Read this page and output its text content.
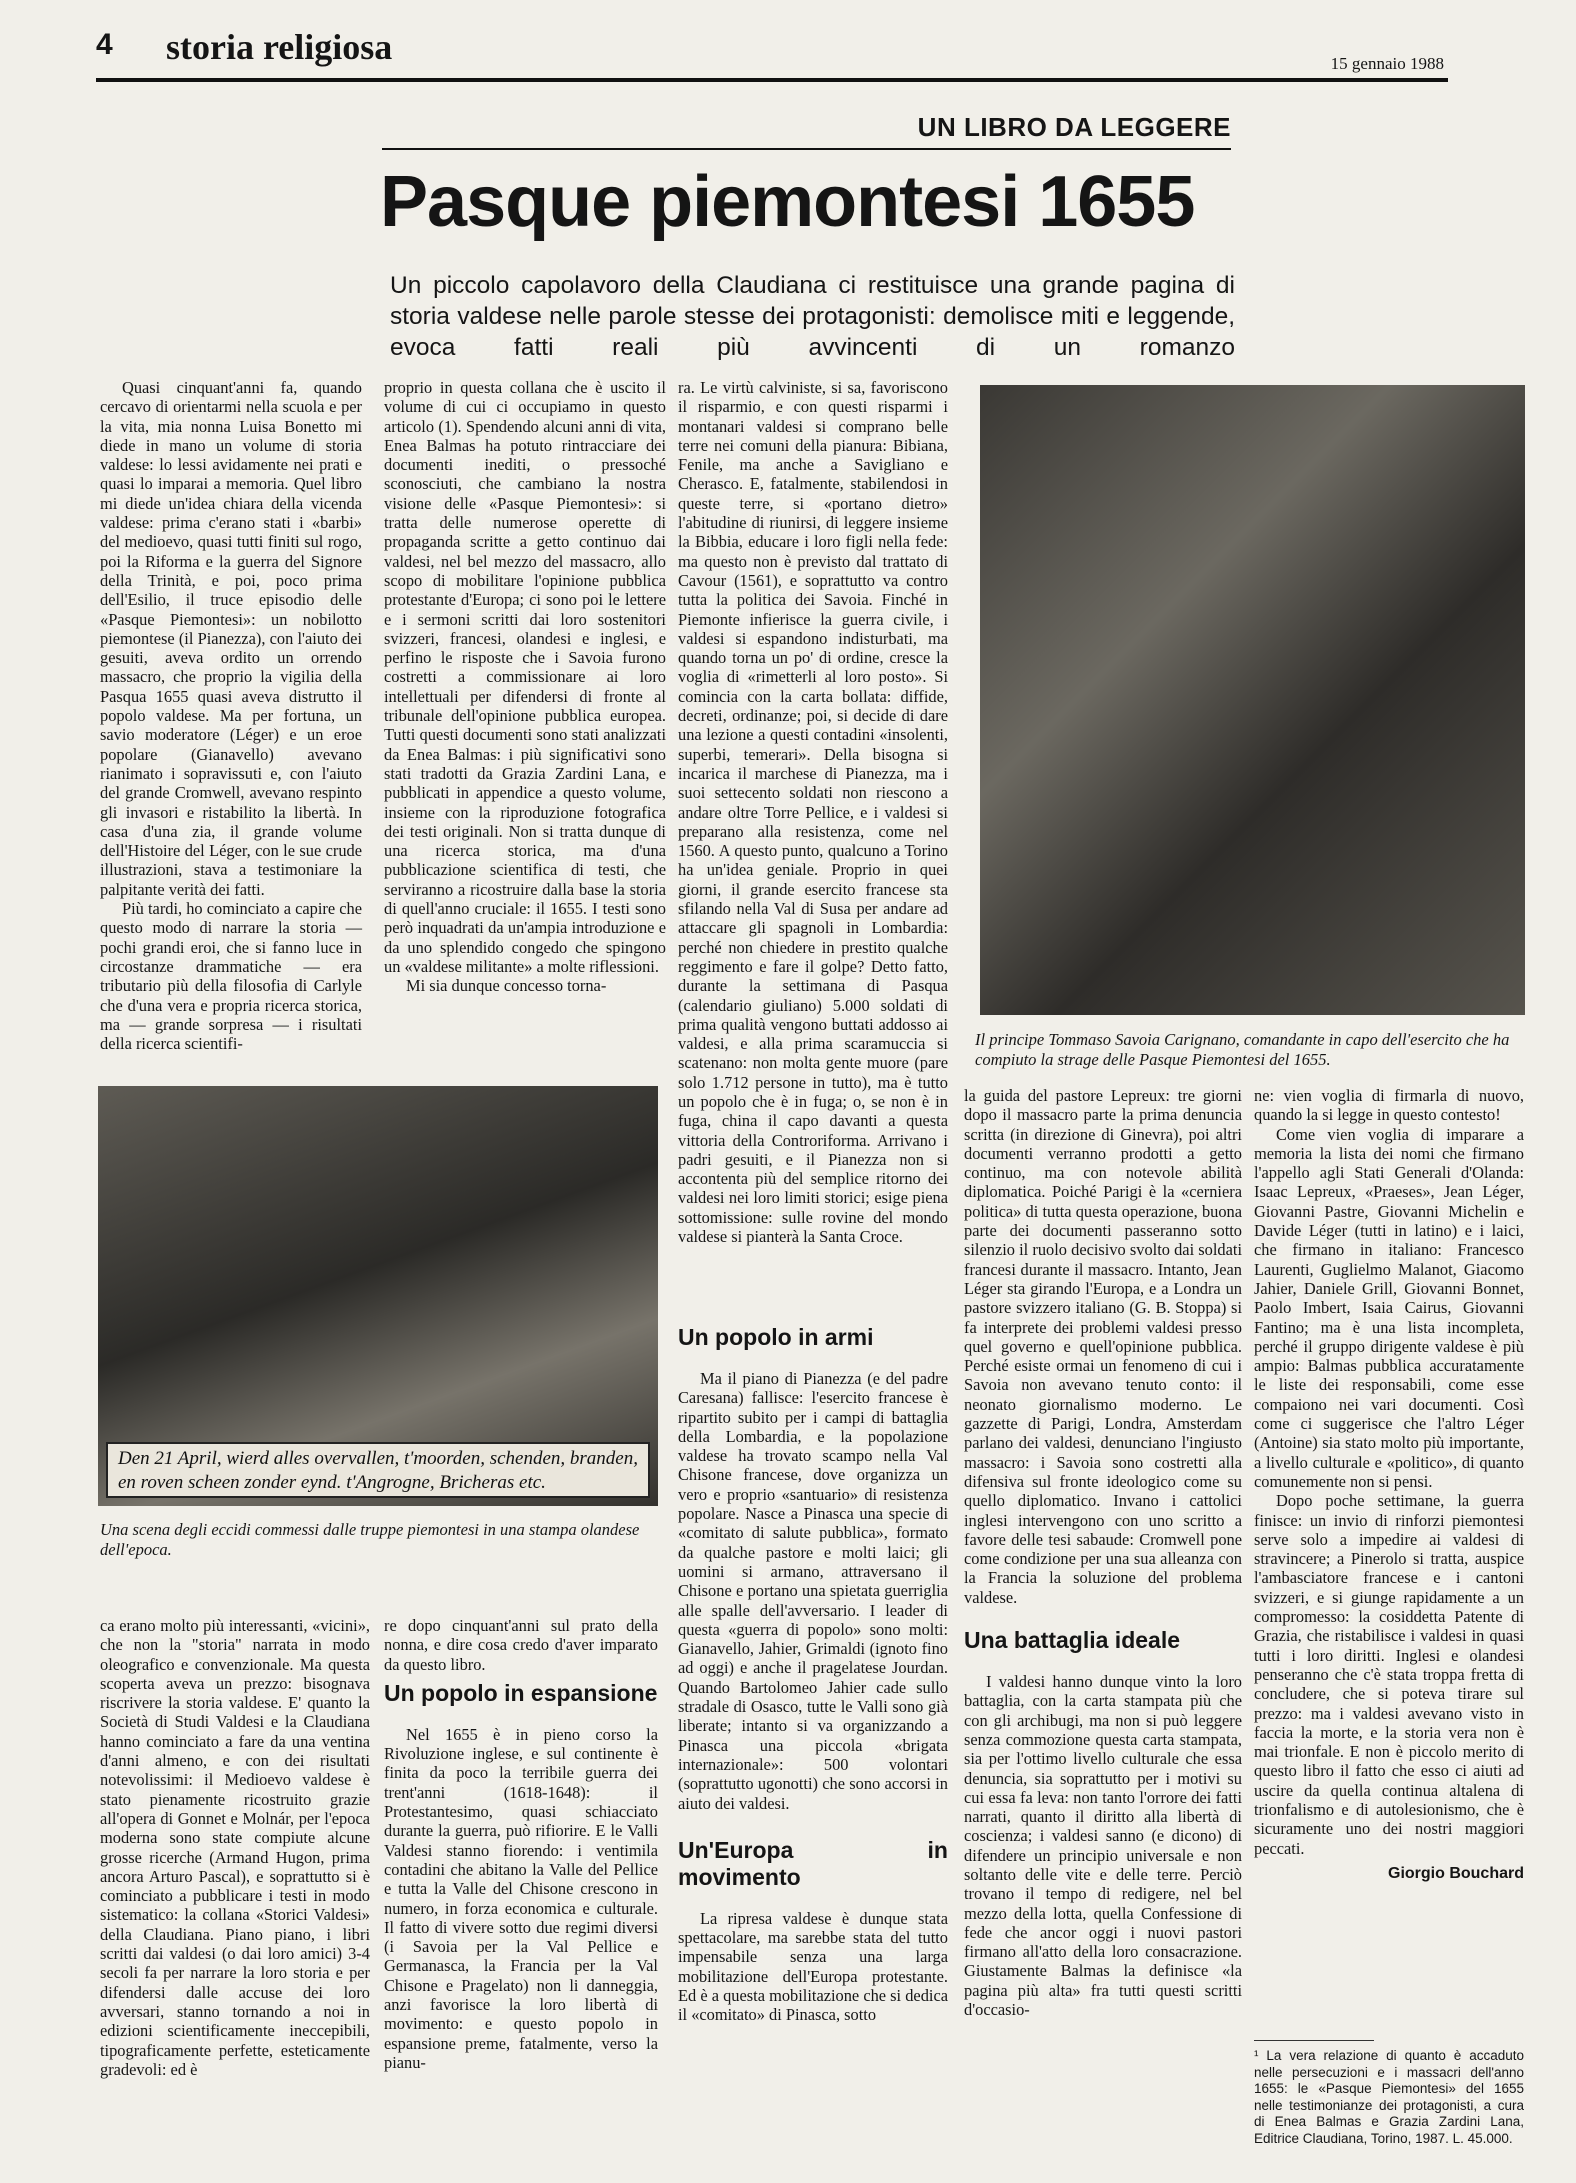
4 storia religiosa	15 gennaio 1988
UN LIBRO DA LEGGERE
Pasque piemontesi 1655
Un piccolo capolavoro della Claudiana ci restituisce una grande pagina di storia valdese nelle parole stesse dei protagonisti: demolisce miti e leggende, evoca fatti reali più avvincenti di un romanzo

Quasi cinquant'anni fa, quando cercavo di orientarmi nella scuola e per la vita, mia nonna Luisa Bonetto mi diede in mano un volume di storia valdese: lo lessi avidamente nei prati e quasi lo imparai a memoria. Quel libro mi diede un'idea chiara della vicenda valdese: prima c'erano stati i «barbi» del medioevo, quasi tutti finiti sul rogo, poi la Riforma e la guerra del Signore della Trinità, e poi, poco prima dell'Esilio, il truce episodio delle «Pasque Piemontesi»: un nobilotto piemontese (il Pianezza), con l'aiuto dei gesuiti, aveva ordito un orrendo massacro, che proprio la vigilia della Pasqua 1655 quasi aveva distrutto il popolo valdese. Ma per fortuna, un savio moderatore (Léger) e un eroe popolare (Gianavello) avevano rianimato i sopravissuti e, con l'aiuto del grande Cromwell, avevano respinto gli invasori e ristabilito la libertà. In casa d'una zia, il grande volume dell'Histoire del Léger, con le sue crude illustrazioni, stava a testimoniare la palpitante verità dei fatti.

Più tardi, ho cominciato a capire che questo modo di narrare la storia — pochi grandi eroi, che si fanno luce in circostanze drammatiche — era tributario più della filosofia di Carlyle che d'una vera e propria ricerca storica, ma — grande sorpresa — i risultati della ricerca scientifi-

proprio in questa collana che è uscito il volume di cui ci occupiamo in questo articolo (1). Spendendo alcuni anni di vita, Enea Balmas ha potuto rintracciare dei documenti inediti, o pressoché sconosciuti, che cambiano la nostra visione delle «Pasque Piemontesi»: si tratta delle numerose operette di propaganda scritte a getto continuo dai valdesi, nel bel mezzo del massacro, allo scopo di mobilitare l'opinione pubblica protestante d'Europa; ci sono poi le lettere e i sermoni scritti dai loro sostenitori svizzeri, francesi, olandesi e inglesi, e perfino le risposte che i Savoia furono costretti a commissionare ai loro intellettuali per difendersi di fronte al tribunale dell'opinione pubblica europea. Tutti questi documenti sono stati analizzati da Enea Balmas: i più significativi sono stati tradotti da Grazia Zardini Lana, e pubblicati in appendice a questo volume, insieme con la riproduzione fotografica dei testi originali. Non si tratta dunque di una ricerca storica, ma d'una pubblicazione scientifica di testi, che serviranno a ricostruire dalla base la storia di quell'anno cruciale: il 1655. I testi sono però inquadrati da un'ampia introduzione e da uno splendido congedo che spingono un «valdese militante» a molte riflessioni.

Mi sia dunque concesso torna-

ra. Le virtù calviniste, si sa, favoriscono il risparmio, e con questi risparmi i montanari valdesi si comprano belle terre nei comuni della pianura: Bibiana, Fenile, ma anche a Savigliano e Cherasco. E, fatalmente, stabilendosi in queste terre, si «portano dietro» l'abitudine di riunirsi, di leggere insieme la Bibbia, educare i loro figli nella fede: ma questo non è previsto dal trattato di Cavour (1561), e soprattutto va contro tutta la politica dei Savoia. Finché in Piemonte infierisce la guerra civile, i valdesi si espandono indisturbati, ma quando torna un po' di ordine, cresce la voglia di «rimetterli al loro posto». Si comincia con la carta bollata: diffide, decreti, ordinanze; poi, si decide di dare una lezione a questi contadini «insolenti, superbi, temerari». Della bisogna si incarica il marchese di Pianezza, ma i suoi settecento soldati non riescono a andare oltre Torre Pellice, e i valdesi si preparano alla resistenza, come nel 1560. A questo punto, qualcuno a Torino ha un'idea geniale. Proprio in quei giorni, il grande esercito francese sta sfilando nella Val di Susa per andare ad attaccare gli spagnoli in Lombardia: perché non chiedere in prestito qualche reggimento e fare il golpe? Detto fatto, durante la settimana di Pasqua (calendario giuliano) 5.000 soldati di prima qualità vengono buttati addosso ai valdesi, e alla prima scaramuccia si scatenano: non molta gente muore (pare solo 1.712 persone in tutto), ma è tutto un popolo che è in fuga; o, se non è in fuga, china il capo davanti a questa vittoria della Controriforma. Arrivano i padri gesuiti, e il Pianezza non si accontenta più del semplice ritorno dei valdesi nei loro limiti storici; esige piena sottomissione: sulle rovine del mondo valdese si pianterà la Santa Croce.

Il principe Tommaso Savoia Carignano, comandante in capo dell'esercito che ha compiuto la strage delle Pasque Piemontesi del 1655.
Den 21 April, wierd alles overvallen, t'moorden, schenden, branden, en roven scheen zonder eynd. t'Angrogne, Bricheras etc.
Una scena degli eccidi commessi dalle truppe piemontesi in una stampa olandese dell'epoca.

ca erano molto più interessanti, «vicini», che non la "storia" narrata in modo oleografico e convenzionale. Ma questa scoperta aveva un prezzo: bisognava riscrivere la storia valdese. E' quanto la Società di Studi Valdesi e la Claudiana hanno cominciato a fare da una ventina d'anni almeno, e con dei risultati notevolissimi: il Medioevo valdese è stato pienamente ricostruito grazie all'opera di Gonnet e Molnár, per l'epoca moderna sono state compiute alcune grosse ricerche (Armand Hugon, prima ancora Arturo Pascal), e soprattutto si è cominciato a pubblicare i testi in modo sistematico: la collana «Storici Valdesi» della Claudiana. Piano piano, i libri scritti dai valdesi (o dai loro amici) 3-4 secoli fa per narrare la loro storia e per difendersi dalle accuse dei loro avversari, stanno tornando a noi in edizioni scientificamente ineccepibili, tipograficamente perfette, esteticamente gradevoli: ed è

re dopo cinquant'anni sul prato della nonna, e dire cosa credo d'aver imparato da questo libro.

Un popolo in espansione

Nel 1655 è in pieno corso la Rivoluzione inglese, e sul continente è finita da poco la terribile guerra dei trent'anni (1618-1648): il Protestantesimo, quasi schiacciato durante la guerra, può rifiorire. E le Valli Valdesi stanno fiorendo: i ventimila contadini che abitano la Valle del Pellice e tutta la Valle del Chisone crescono in numero, in forza economica e culturale. Il fatto di vivere sotto due regimi diversi (i Savoia per la Val Pellice e Germanasca, la Francia per la Val Chisone e Pragelato) non li danneggia, anzi favorisce la loro libertà di movimento: e questo popolo in espansione preme, fatalmente, verso la pianu-

Un popolo in armi

Ma il piano di Pianezza (e del padre Caresana) fallisce: l'esercito francese è ripartito subito per i campi di battaglia della Lombardia, e la popolazione valdese ha trovato scampo nella Val Chisone francese, dove organizza un vero e proprio «santuario» di resistenza popolare. Nasce a Pinasca una specie di «comitato di salute pubblica», formato da qualche pastore e molti laici; gli uomini si armano, attraversano il Chisone e portano una spietata guerriglia alle spalle dell'avversario. I leader di questa «guerra di popolo» sono molti: Gianavello, Jahier, Grimaldi (ignoto fino ad oggi) e anche il pragelatese Jourdan. Quando Bartolomeo Jahier cade sullo stradale di Osasco, tutte le Valli sono già liberate; intanto si va organizzando a Pinasca una piccola «brigata internazionale»: 500 volontari (soprattutto ugonotti) che sono accorsi in aiuto dei valdesi.

Un'Europa in movimento

La ripresa valdese è dunque stata spettacolare, ma sarebbe stata del tutto impensabile senza una larga mobilitazione dell'Europa protestante. Ed è a questa mobilitazione che si dedica il «comitato» di Pinasca, sotto

la guida del pastore Lepreux: tre giorni dopo il massacro parte la prima denuncia scritta (in direzione di Ginevra), poi altri documenti verranno prodotti a getto continuo, ma con notevole abilità diplomatica. Poiché Parigi è la «cerniera politica» di tutta questa operazione, buona parte dei documenti passeranno sotto silenzio il ruolo decisivo svolto dai soldati francesi durante il massacro. Intanto, Jean Léger sta girando l'Europa, e a Londra un pastore svizzero italiano (G. B. Stoppa) si fa interprete dei problemi valdesi presso quel governo e quell'opinione pubblica. Perché esiste ormai un fenomeno di cui i Savoia non avevano tenuto conto: il neonato giornalismo moderno. Le gazzette di Parigi, Londra, Amsterdam parlano dei valdesi, denunciano l'ingiusto massacro: i Savoia sono costretti alla difensiva sul fronte ideologico come su quello diplomatico. Invano i cattolici inglesi intervengono con uno scritto a favore delle tesi sabaude: Cromwell pone come condizione per una sua alleanza con la Francia la soluzione del problema valdese.

Una battaglia ideale

I valdesi hanno dunque vinto la loro battaglia, con la carta stampata più che con gli archibugi, ma non si può leggere senza commozione questa carta stampata, sia per l'ottimo livello culturale che essa denuncia, sia soprattutto per i motivi su cui essa fa leva: non tanto l'orrore dei fatti narrati, quanto il diritto alla libertà di coscienza; i valdesi sanno (e dicono) di difendere un principio universale e non soltanto delle vite e delle terre. Perciò trovano il tempo di redigere, nel bel mezzo della lotta, quella Confessione di fede che ancor oggi i nuovi pastori firmano all'atto della loro consacrazione. Giustamente Balmas la definisce «la pagina più alta» fra tutti questi scritti d'occasio-

ne: vien voglia di firmarla di nuovo, quando la si legge in questo contesto!

Come vien voglia di imparare a memoria la lista dei nomi che firmano l'appello agli Stati Generali d'Olanda: Isaac Lepreux, «Praeses», Jean Léger, Giovanni Pastre, Giovanni Michelin e Davide Léger (tutti in latino) e i laici, che firmano in italiano: Francesco Laurenti, Guglielmo Malanot, Giacomo Jahier, Daniele Grill, Giovanni Bonnet, Paolo Imbert, Isaia Cairus, Giovanni Fantino; ma è una lista incompleta, perché il gruppo dirigente valdese è più ampio: Balmas pubblica accuratamente le liste dei responsabili, come esse compaiono nei vari documenti. Così come ci suggerisce che l'altro Léger (Antoine) sia stato molto più importante, a livello culturale e «politico», di quanto comunemente non si pensi.

Dopo poche settimane, la guerra finisce: un invio di rinforzi piemontesi serve solo a impedire ai valdesi di stravincere; a Pinerolo si tratta, auspice l'ambasciatore francese e i cantoni svizzeri, e si giunge rapidamente a un compromesso: la cosiddetta Patente di Grazia, che ristabilisce i valdesi in quasi tutti i loro diritti. Inglesi e olandesi penseranno che c'è stata troppa fretta di concludere, che si poteva tirare sul prezzo: ma i valdesi avevano visto in faccia la morte, e la storia vera non è mai trionfale. E non è piccolo merito di questo libro il fatto che esso ci aiuti ad uscire da quella continua altalena di trionfalismo e di autolesionismo, che è sicuramente uno dei nostri maggiori peccati.

Giorgio Bouchard
¹ La vera relazione di quanto è accaduto nelle persecuzioni e i massacri dell'anno 1655: le «Pasque Piemontesi» del 1655 nelle testimonianze dei protagonisti, a cura di Enea Balmas e Grazia Zardini Lana, Editrice Claudiana, Torino, 1987. L. 45.000.
